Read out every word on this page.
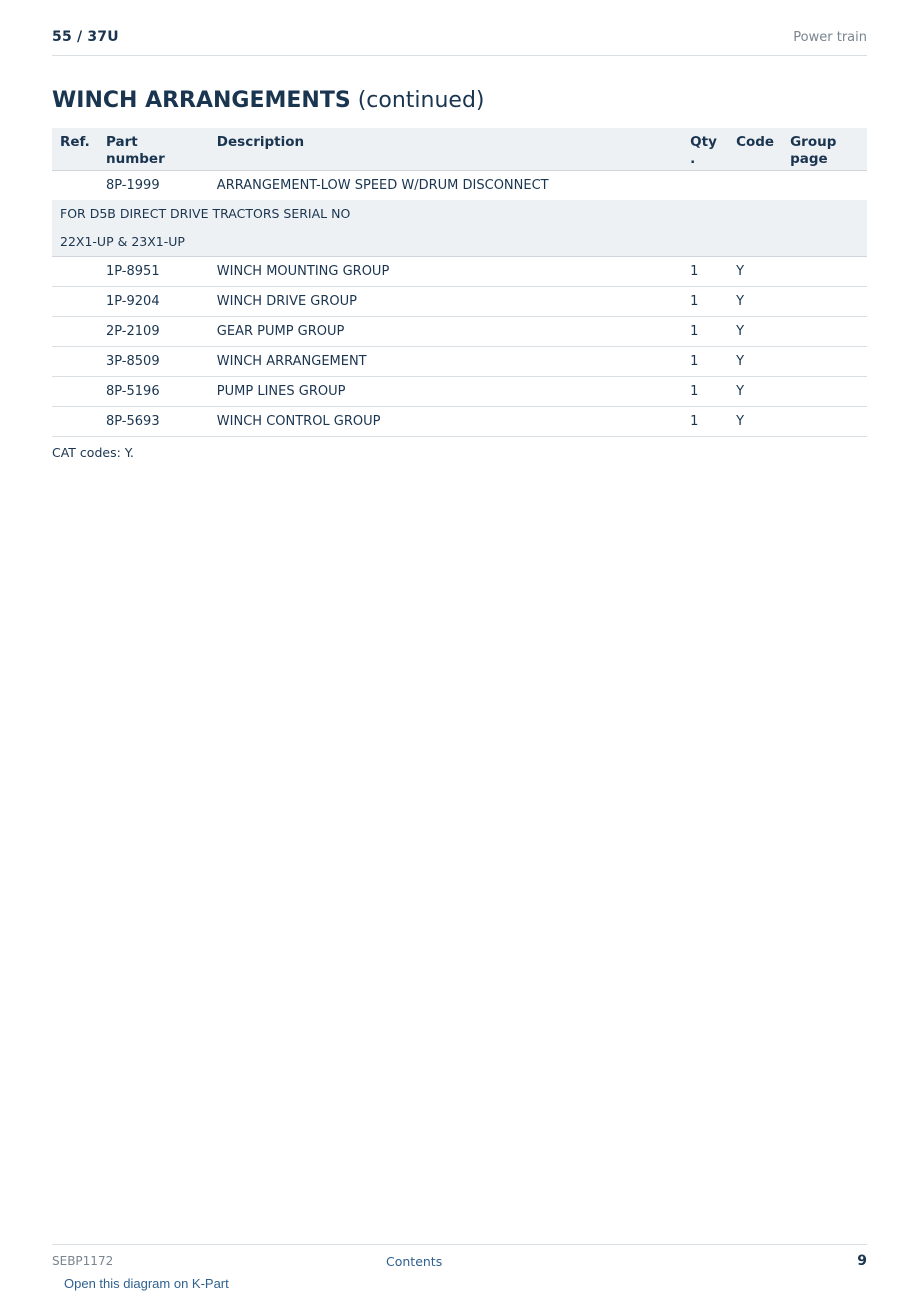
55 / 37U	Power train
WINCH ARRANGEMENTS (continued)
Ref.	Part number	Description	Qty .	Code	Group page
	8P-1999	ARRANGEMENT-LOW SPEED W/DRUM DISCONNECT			

FOR D5B DIRECT DRIVE TRACTORS SERIAL NO
22X1-UP & 23X1-UP					

	1P-8951	WINCH MOUNTING GROUP	1	Y	
	1P-9204	WINCH DRIVE GROUP	1	Y	
	2P-2109	GEAR PUMP GROUP	1	Y	
	3P-8509	WINCH ARRANGEMENT	1	Y	
	8P-5196	PUMP LINES GROUP	1	Y	
	8P-5693	WINCH CONTROL GROUP	1	Y	
CAT codes: Y.
SEBP1172	Contents	9
Open this diagram on K-Part
